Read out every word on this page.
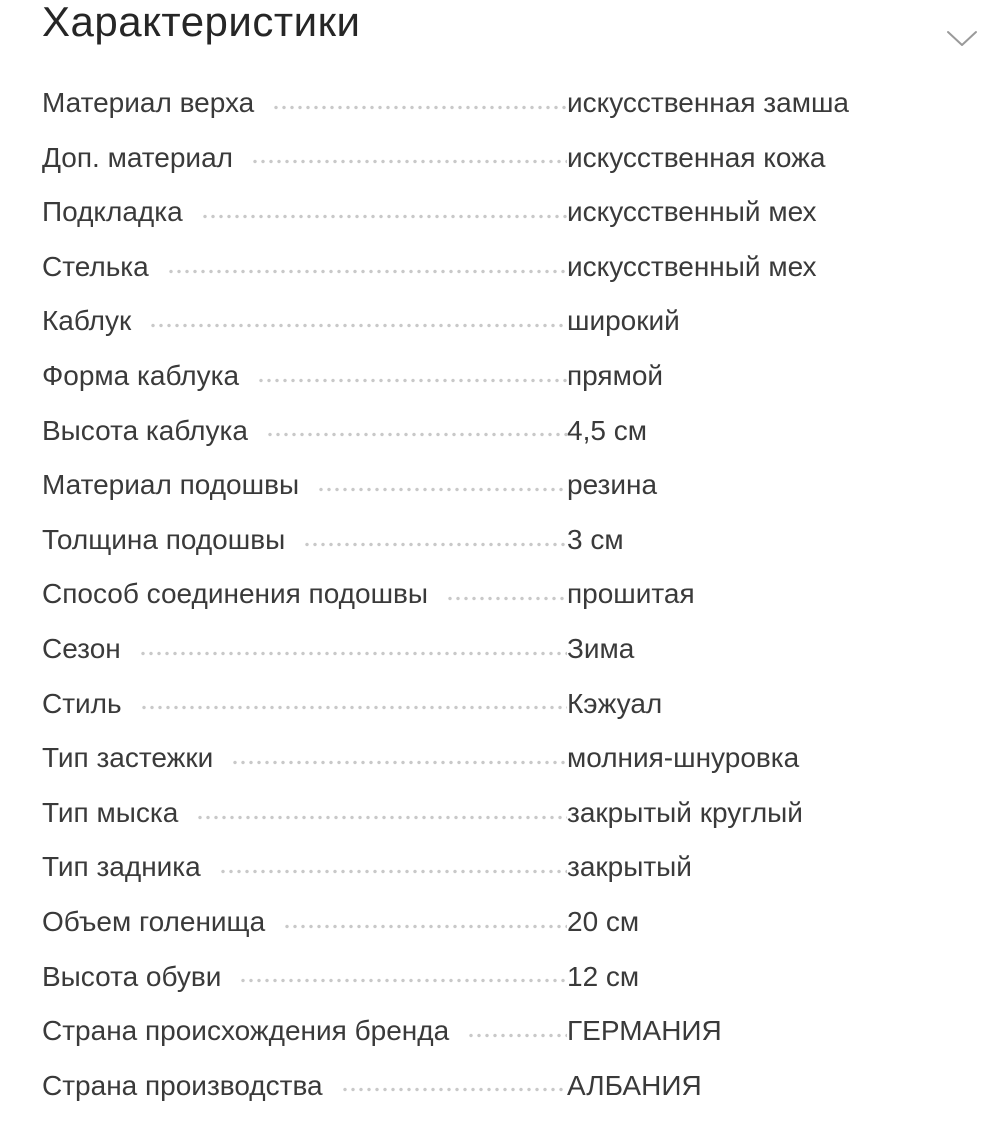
Характеристики
Материал верха	искусственная замша
Доп. материал	искусственная кожа
Подкладка	искусственный мех
Стелька	искусственный мех
Каблук	широкий
Форма каблука	прямой
Высота каблука	4,5 см
Материал подошвы	резина
Толщина подошвы	3 см
Способ соединения подошвы	прошитая
Сезон	Зима
Стиль	Кэжуал
Тип застежки	молния-шнуровка
Тип мыска	закрытый круглый
Тип задника	закрытый
Объем голенища	20 см
Высота обуви	12 см
Страна происхождения бренда	ГЕРМАНИЯ
Страна производства	АЛБАНИЯ
